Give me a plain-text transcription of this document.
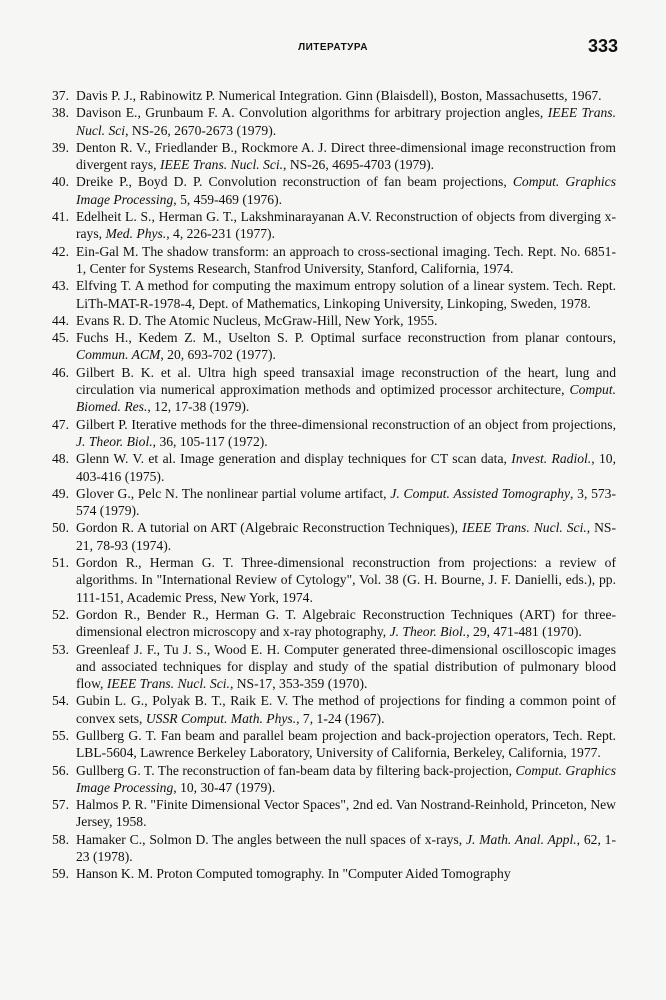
ЛИТЕРАТУРА	333
37. Davis P. J., Rabinowitz P. Numerical Integration. Ginn (Blaisdell), Boston, Massachusetts, 1967.
38. Davison E., Grunbaum F. A. Convolution algorithms for arbitrary projection angles, IEEE Trans. Nucl. Sci, NS-26, 2670-2673 (1979).
39. Denton R. V., Friedlander B., Rockmore A. J. Direct three-dimensional image reconstruction from divergent rays, IEEE Trans. Nucl. Sci., NS-26, 4695-4703 (1979).
40. Dreike P., Boyd D. P. Convolution reconstruction of fan beam projections, Comput. Graphics Image Processing, 5, 459-469 (1976).
41. Edelheit L. S., Herman G. T., Lakshminarayanan A.V. Reconstruction of objects from diverging x-rays, Med. Phys., 4, 226-231 (1977).
42. Ein-Gal M. The shadow transform: an approach to cross-sectional imaging. Tech. Rept. No. 6851-1, Center for Systems Research, Stanfrod University, Stanford, California, 1974.
43. Elfving T. A method for computing the maximum entropy solution of a linear system. Tech. Rept. LiTh-MAT-R-1978-4, Dept. of Mathematics, Linkoping University, Linkoping, Sweden, 1978.
44. Evans R. D. The Atomic Nucleus, McGraw-Hill, New York, 1955.
45. Fuchs H., Kedem Z. M., Uselton S. P. Optimal surface reconstruction from planar contours, Commun. ACM, 20, 693-702 (1977).
46. Gilbert B. K. et al. Ultra high speed transaxial image reconstruction of the heart, lung and circulation via numerical approximation methods and optimized processor architecture, Comput. Biomed. Res., 12, 17-38 (1979).
47. Gilbert P. Iterative methods for the three-dimensional reconstruction of an object from projections, J. Theor. Biol., 36, 105-117 (1972).
48. Glenn W. V. et al. Image generation and display techniques for CT scan data, Invest. Radiol., 10, 403-416 (1975).
49. Glover G., Pelc N. The nonlinear partial volume artifact, J. Comput. Assisted Tomography, 3, 573-574 (1979).
50. Gordon R. A tutorial on ART (Algebraic Reconstruction Techniques), IEEE Trans. Nucl. Sci., NS-21, 78-93 (1974).
51. Gordon R., Herman G. T. Three-dimensional reconstruction from projections: a review of algorithms. In "International Review of Cytology", Vol. 38 (G. H. Bourne, J. F. Danielli, eds.), pp. 111-151, Academic Press, New York, 1974.
52. Gordon R., Bender R., Herman G. T. Algebraic Reconstruction Techniques (ART) for three-dimensional electron microscopy and x-ray photography, J. Theor. Biol., 29, 471-481 (1970).
53. Greenleaf J. F., Tu J. S., Wood E. H. Computer generated three-dimensional oscilloscopic images and associated techniques for display and study of the spatial distribution of pulmonary blood flow, IEEE Trans. Nucl. Sci., NS-17, 353-359 (1970).
54. Gubin L. G., Polyak B. T., Raik E. V. The method of projections for finding a common point of convex sets, USSR Comput. Math. Phys., 7, 1-24 (1967).
55. Gullberg G. T. Fan beam and parallel beam projection and back-projection operators, Tech. Rept. LBL-5604, Lawrence Berkeley Laboratory, University of California, Berkeley, California, 1977.
56. Gullberg G. T. The reconstruction of fan-beam data by filtering back-projection, Comput. Graphics Image Processing, 10, 30-47 (1979).
57. Halmos P. R. "Finite Dimensional Vector Spaces", 2nd ed. Van Nostrand-Reinhold, Princeton, New Jersey, 1958.
58. Hamaker C., Solmon D. The angles between the null spaces of x-rays, J. Math. Anal. Appl., 62, 1-23 (1978).
59. Hanson K. M. Proton Computed tomography. In "Computer Aided Tomography
